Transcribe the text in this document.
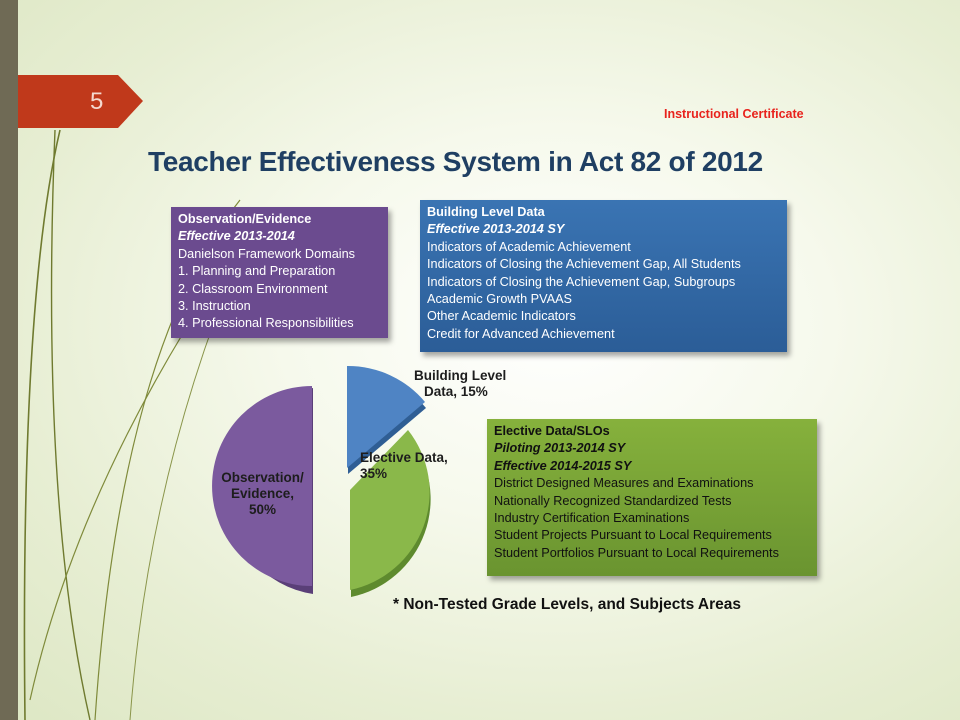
5	Instructional Certificate
Teacher Effectiveness System in Act 82 of 2012
Observation/Evidence
Effective 2013-2014
Danielson Framework Domains
1. Planning and Preparation
2. Classroom Environment
3. Instruction
4. Professional Responsibilities
Building Level Data
Effective 2013-2014 SY
Indicators of Academic Achievement
Indicators of Closing the Achievement Gap, All Students
Indicators of Closing the Achievement Gap, Subgroups
Academic Growth PVAAS
Other Academic Indicators
Credit for Advanced Achievement
Building Level
Data, 15%
Elective Data,
35%
Observation/
Evidence,
50%
Elective Data/SLOs
Piloting 2013-2014 SY
Effective 2014-2015 SY
District Designed Measures and Examinations
Nationally Recognized Standardized Tests
Industry Certification Examinations
Student Projects Pursuant to Local Requirements
Student Portfolios Pursuant to Local Requirements
* Non-Tested Grade Levels, and Subjects Areas
